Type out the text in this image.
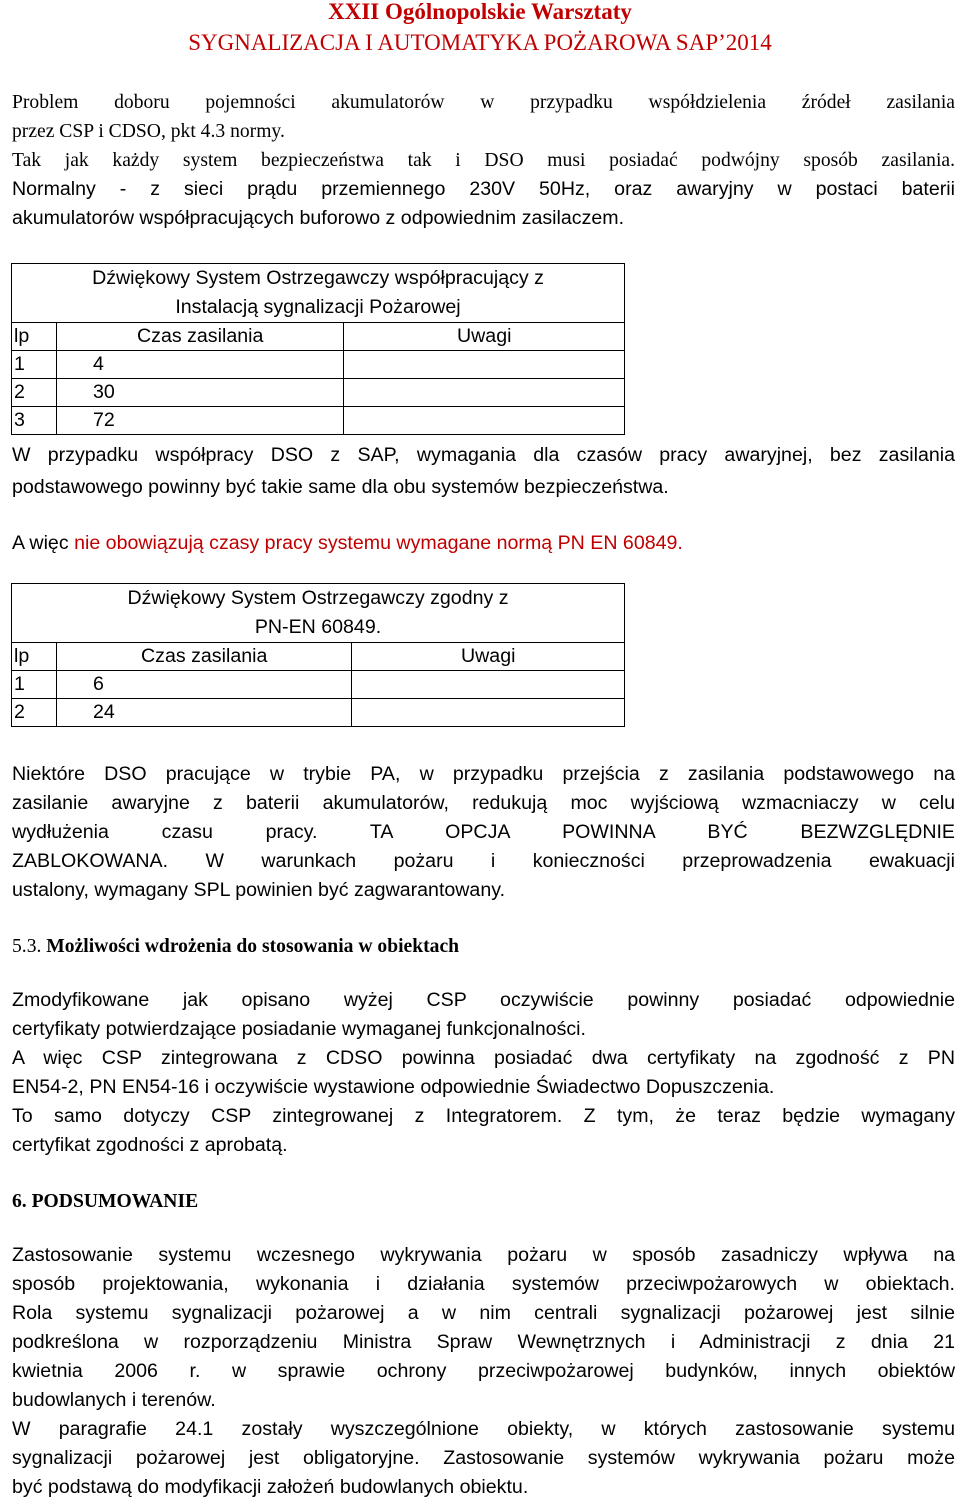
XXII Ogólnopolskie Warsztaty
SYGNALIZACJA I AUTOMATYKA POŻAROWA SAP’2014
Problem doboru pojemności akumulatorów w przypadku współdzielenia źródeł zasilania
przez CSP i CDSO, pkt 4.3 normy.
Tak jak każdy system bezpieczeństwa tak i DSO musi posiadać podwójny sposób zasilania.
Normalny - z sieci prądu przemiennego 230V 50Hz, oraz awaryjny w postaci baterii
akumulatorów współpracujących buforowo z odpowiednim zasilaczem.
Dźwiękowy System Ostrzegawczy współpracujący z
Instalacją sygnalizacji Pożarowej		

lp	Czas zasilania	Uwagi
1	4	
2	30	
3	72	
W przypadku współpracy DSO z SAP, wymagania dla czasów pracy awaryjnej, bez zasilania
podstawowego powinny być takie same dla obu systemów bezpieczeństwa.
A więc nie obowiązują czasy pracy systemu wymagane normą PN EN 60849.
Dźwiękowy System Ostrzegawczy zgodny z
PN-EN 60849.		

lp	Czas zasilania	Uwagi
1	6	
2	24	
Niektóre DSO pracujące w trybie PA, w przypadku przejścia z zasilania podstawowego na
zasilanie awaryjne z baterii akumulatorów, redukują moc wyjściową wzmacniaczy w celu
wydłużenia czasu pracy. TA OPCJA POWINNA BYĆ BEZWZGLĘDNIE
ZABLOKOWANA. W warunkach pożaru i konieczności przeprowadzenia ewakuacji
ustalony, wymagany SPL powinien być zagwarantowany.
5.3. Możliwości wdrożenia do stosowania w obiektach
Zmodyfikowane jak opisano wyżej CSP oczywiście powinny posiadać odpowiednie
certyfikaty potwierdzające posiadanie wymaganej funkcjonalności.
A więc CSP zintegrowana z CDSO powinna posiadać dwa certyfikaty na zgodność z PN
EN54-2, PN EN54-16 i oczywiście wystawione odpowiednie Świadectwo Dopuszczenia.
To samo dotyczy CSP zintegrowanej z Integratorem. Z tym, że teraz będzie wymagany
certyfikat zgodności z aprobatą.
6. PODSUMOWANIE
Zastosowanie systemu wczesnego wykrywania pożaru w sposób zasadniczy wpływa na
sposób projektowania, wykonania i działania systemów przeciwpożarowych w obiektach.
Rola systemu sygnalizacji pożarowej a w nim centrali sygnalizacji pożarowej jest silnie
podkreślona w rozporządzeniu Ministra Spraw Wewnętrznych i Administracji z dnia 21
kwietnia 2006 r. w sprawie ochrony przeciwpożarowej budynków, innych obiektów
budowlanych i terenów.
W paragrafie 24.1 zostały wyszczególnione obiekty, w których zastosowanie systemu
sygnalizacji pożarowej jest obligatoryjne. Zastosowanie systemów wykrywania pożaru może
być podstawą do modyfikacji założeń budowlanych obiektu.
